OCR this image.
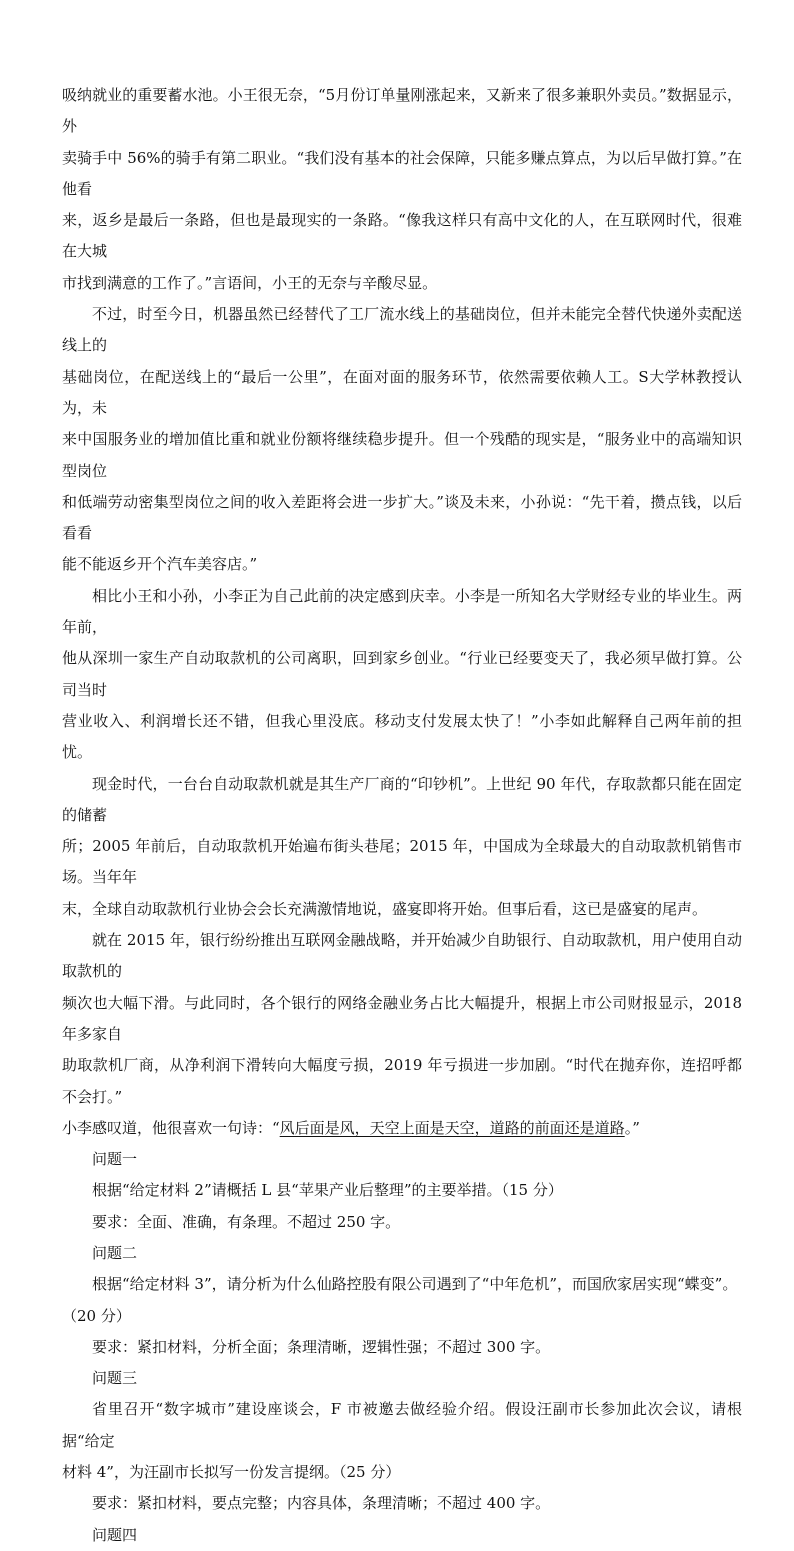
吸纳就业的重要蓄水池。小王很无奈，“5月份订单量刚涨起来，又新来了很多兼职外卖员。”数据显示，外
卖骑手中 56%的骑手有第二职业。“我们没有基本的社会保障，只能多赚点算点，为以后早做打算。”在他看
来，返乡是最后一条路，但也是最现实的一条路。“像我这样只有高中文化的人，在互联网时代，很难在大城
市找到满意的工作了。”言语间，小王的无奈与辛酸尽显。

不过，时至今日，机器虽然已经替代了工厂流水线上的基础岗位，但并未能完全替代快递外卖配送线上的
基础岗位，在配送线上的“最后一公里”，在面对面的服务环节，依然需要依赖人工。S大学林教授认为，未
来中国服务业的增加值比重和就业份额将继续稳步提升。但一个残酷的现实是，“服务业中的高端知识型岗位
和低端劳动密集型岗位之间的收入差距将会进一步扩大。”谈及未来，小孙说：“先干着，攒点钱，以后看看
能不能返乡开个汽车美容店。”

相比小王和小孙，小李正为自己此前的决定感到庆幸。小李是一所知名大学财经专业的毕业生。两年前，
他从深圳一家生产自动取款机的公司离职，回到家乡创业。“行业已经要变天了，我必须早做打算。公司当时
营业收入、利润增长还不错，但我心里没底。移动支付发展太快了！”小李如此解释自己两年前的担忧。

现金时代，一台台自动取款机就是其生产厂商的“印钞机”。上世纪 90 年代，存取款都只能在固定的储蓄
所；2005 年前后，自动取款机开始遍布街头巷尾；2015 年，中国成为全球最大的自动取款机销售市场。当年年
末，全球自动取款机行业协会会长充满激情地说，盛宴即将开始。但事后看，这已是盛宴的尾声。

就在 2015 年，银行纷纷推出互联网金融战略，并开始减少自助银行、自动取款机，用户使用自动取款机的
频次也大幅下滑。与此同时，各个银行的网络金融业务占比大幅提升，根据上市公司财报显示，2018 年多家自
助取款机厂商，从净利润下滑转向大幅度亏损，2019 年亏损进一步加剧。“时代在抛弃你，连招呼都不会打。”
小李感叹道，他很喜欢一句诗：“风后面是风，天空上面是天空，道路的前面还是道路。”

问题一

根据“给定材料 2”请概括 L 县“苹果产业后整理”的主要举措。（15 分）

要求：全面、准确，有条理。不超过 250 字。

问题二

根据“给定材料 3”，请分析为什么仙路控股有限公司遇到了“中年危机”，而国欣家居实现“蝶变”。
（20 分）

要求：紧扣材料，分析全面；条理清晰，逻辑性强；不超过 300 字。

问题三

省里召开“数字城市”建设座谈会，F 市被邀去做经验介绍。假设汪副市长参加此次会议，请根据“给定
材料 4”，为汪副市长拟写一份发言提纲。（25 分）

要求：紧扣材料，要点完整；内容具体，条理清晰；不超过 400 字。

问题四
